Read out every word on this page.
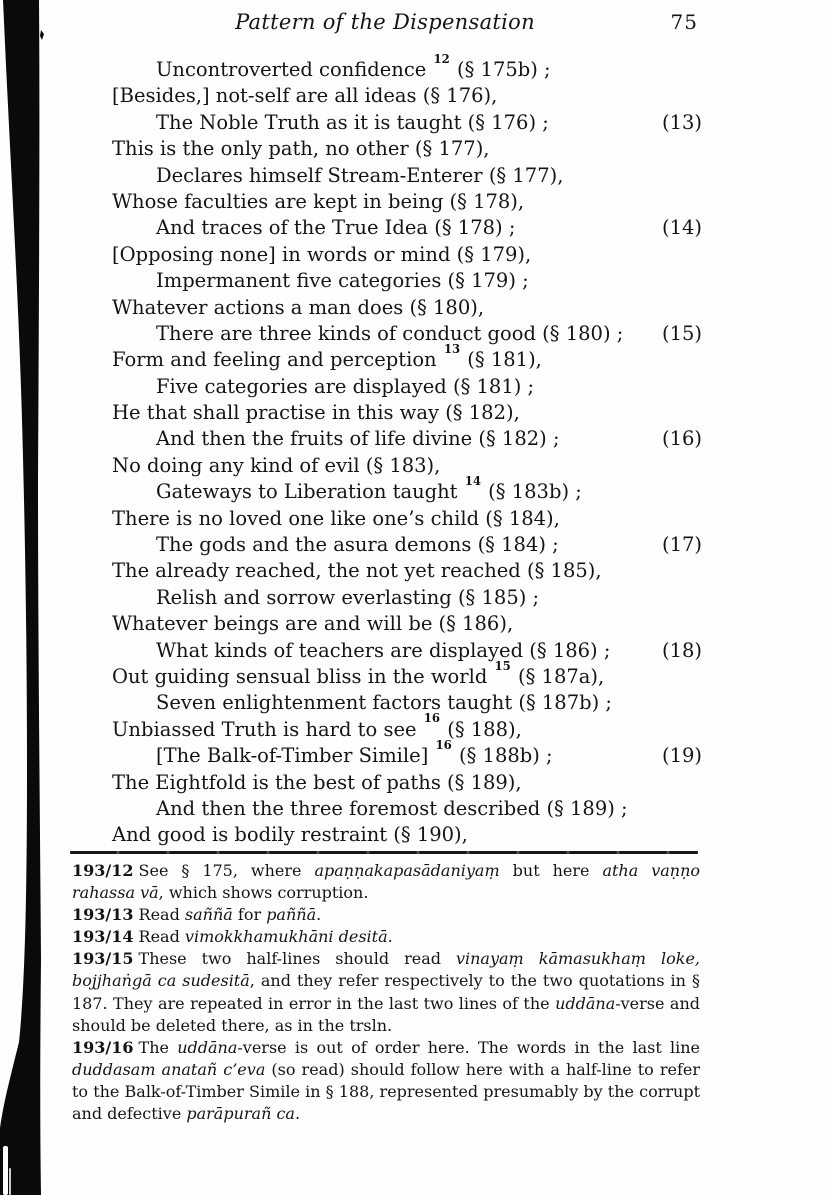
Pattern of the Dispensation	75
Uncontroverted confidence $^{12}$ (§ 175b) ;
[Besides,] not-self are all ideas (§ 176),
The Noble Truth as it is taught (§ 176) ;	(13)
This is the only path, no other (§ 177),
Declares himself Stream-Enterer (§ 177),
Whose faculties are kept in being (§ 178),
And traces of the True Idea (§ 178) ;	(14)
[Opposing none] in words or mind (§ 179),
Impermanent five categories (§ 179) ;
Whatever actions a man does (§ 180),
There are three kinds of conduct good (§ 180) ; (15)
Form and feeling and perception $^{13}$ (§ 181),
Five categories are displayed (§ 181) ;
He that shall practise in this way (§ 182),
And then the fruits of life divine (§ 182) ;	(16)
No doing any kind of evil (§ 183),
Gateways to Liberation taught $^{14}$ (§ 183b) ;
There is no loved one like one’s child (§ 184),
The gods and the asura demons (§ 184) ;	(17)
The already reached, the not yet reached (§ 185),
Relish and sorrow everlasting (§ 185) ;
Whatever beings are and will be (§ 186),
What kinds of teachers are displayed (§ 186) ;	(18)
Out guiding sensual bliss in the world $^{15}$ (§ 187a),
Seven enlightenment factors taught (§ 187b) ;
Unbiassed Truth is hard to see $^{16}$ (§ 188),
[The Balk-of-Timber Simile] $^{16}$ (§ 188b) ;	(19)
The Eightfold is the best of paths (§ 189),
And then the three foremost described (§ 189) ;
And good is bodily restraint (§ 190),

193/12 See § 175, where apaṇṇakapasādaniyaṃ but here atha vaṇṇo rahassa vā, which shows corruption.

193/13 Read saññā for paññā.

193/14 Read vimokkhamukhāni desitā.

193/15 These two half-lines should read vinayaṃ kāmasukhaṃ loke, bojjhaṅgā ca sudesitā, and they refer respectively to the two quotations in § 187. They are repeated in error in the last two lines of the uddāna-verse and should be deleted there, as in the trsln.

193/16 The uddāna-verse is out of order here. The words in the last line duddasam anatañ c’eva (so read) should follow here with a half-line to refer to the Balk-of-Timber Simile in § 188, represented presumably by the corrupt and defective parāpurañ ca.
